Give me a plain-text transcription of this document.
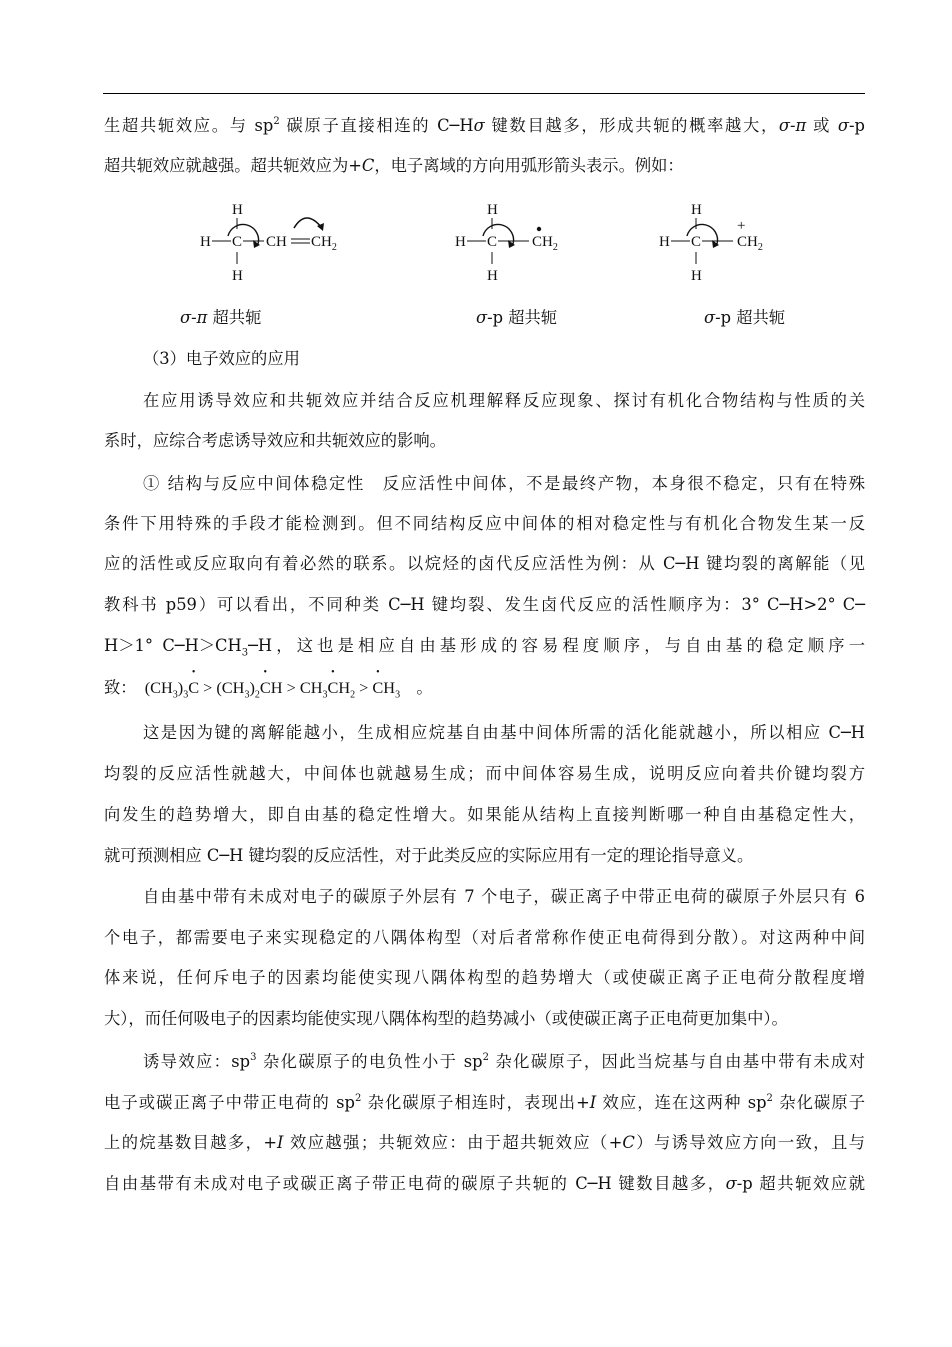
生超共轭效应。与 $sp^2$ 碳原子直接相连的 C─Hσ 键数目越多，形成共轭的概率越大，σ-π 或 σ-p
超共轭效应就越强。超共轭效应为+C，电子离域的方向用弧形箭头表示。例如：
H
H C
H
CH $CH_2$
H
H C
H
$CH_2$
H
H C
H
+
$CH_2$
σ-π 超共轭	σ-p 超共轭	σ-p 超共轭
（3）电子效应的应用
在应用诱导效应和共轭效应并结合反应机理解释反应现象、探讨有机化合物结构与性质的关
系时，应综合考虑诱导效应和共轭效应的影响。
① 结构与反应中间体稳定性　反应活性中间体，不是最终产物，本身很不稳定，只有在特殊
条件下用特殊的手段才能检测到。但不同结构反应中间体的相对稳定性与有机化合物发生某一反
应的活性或反应取向有着必然的联系。以烷烃的卤代反应活性为例：从 C─H 键均裂的离解能（见
教科书 p59）可以看出，不同种类 C─H 键均裂、发生卤代反应的活性顺序为：3° C─H>2° C─
H＞1° $C─H>CH_3─H$，这也是相应自由基形成的容易程度顺序，与自由基的稳定顺序一
致：　 $(CH_3)_3•$ $C > (CH_3)_2•$ CH > $CH_3•$ $CH_2$ > • $CH_3$　。
这是因为键的离解能越小，生成相应烷基自由基中间体所需的活化能就越小，所以相应 C─H
均裂的反应活性就越大，中间体也就越易生成；而中间体容易生成，说明反应向着共价键均裂方
向发生的趋势增大，即自由基的稳定性增大。如果能从结构上直接判断哪一种自由基稳定性大，
就可预测相应 C─H 键均裂的反应活性，对于此类反应的实际应用有一定的理论指导意义。
自由基中带有未成对电子的碳原子外层有 7 个电子，碳正离子中带正电荷的碳原子外层只有 6
个电子，都需要电子来实现稳定的八隅体构型（对后者常称作使正电荷得到分散）。对这两种中间
体来说，任何斥电子的因素均能使实现八隅体构型的趋势增大（或使碳正离子正电荷分散程度增
大），而任何吸电子的因素均能使实现八隅体构型的趋势减小（或使碳正离子正电荷更加集中）。
诱导效应：$sp^3$ 杂化碳原子的电负性小于 $sp^2$ 杂化碳原子，因此当烷基与自由基中带有未成对
电子或碳正离子中带正电荷的 $sp^2$ 杂化碳原子相连时，表现出+I 效应，连在这两种 $sp^2$ 杂化碳原子
上的烷基数目越多，+I 效应越强；共轭效应：由于超共轭效应（+C）与诱导效应方向一致，且与
自由基带有未成对电子或碳正离子带正电荷的碳原子共轭的 C─H 键数目越多，σ-p 超共轭效应就
